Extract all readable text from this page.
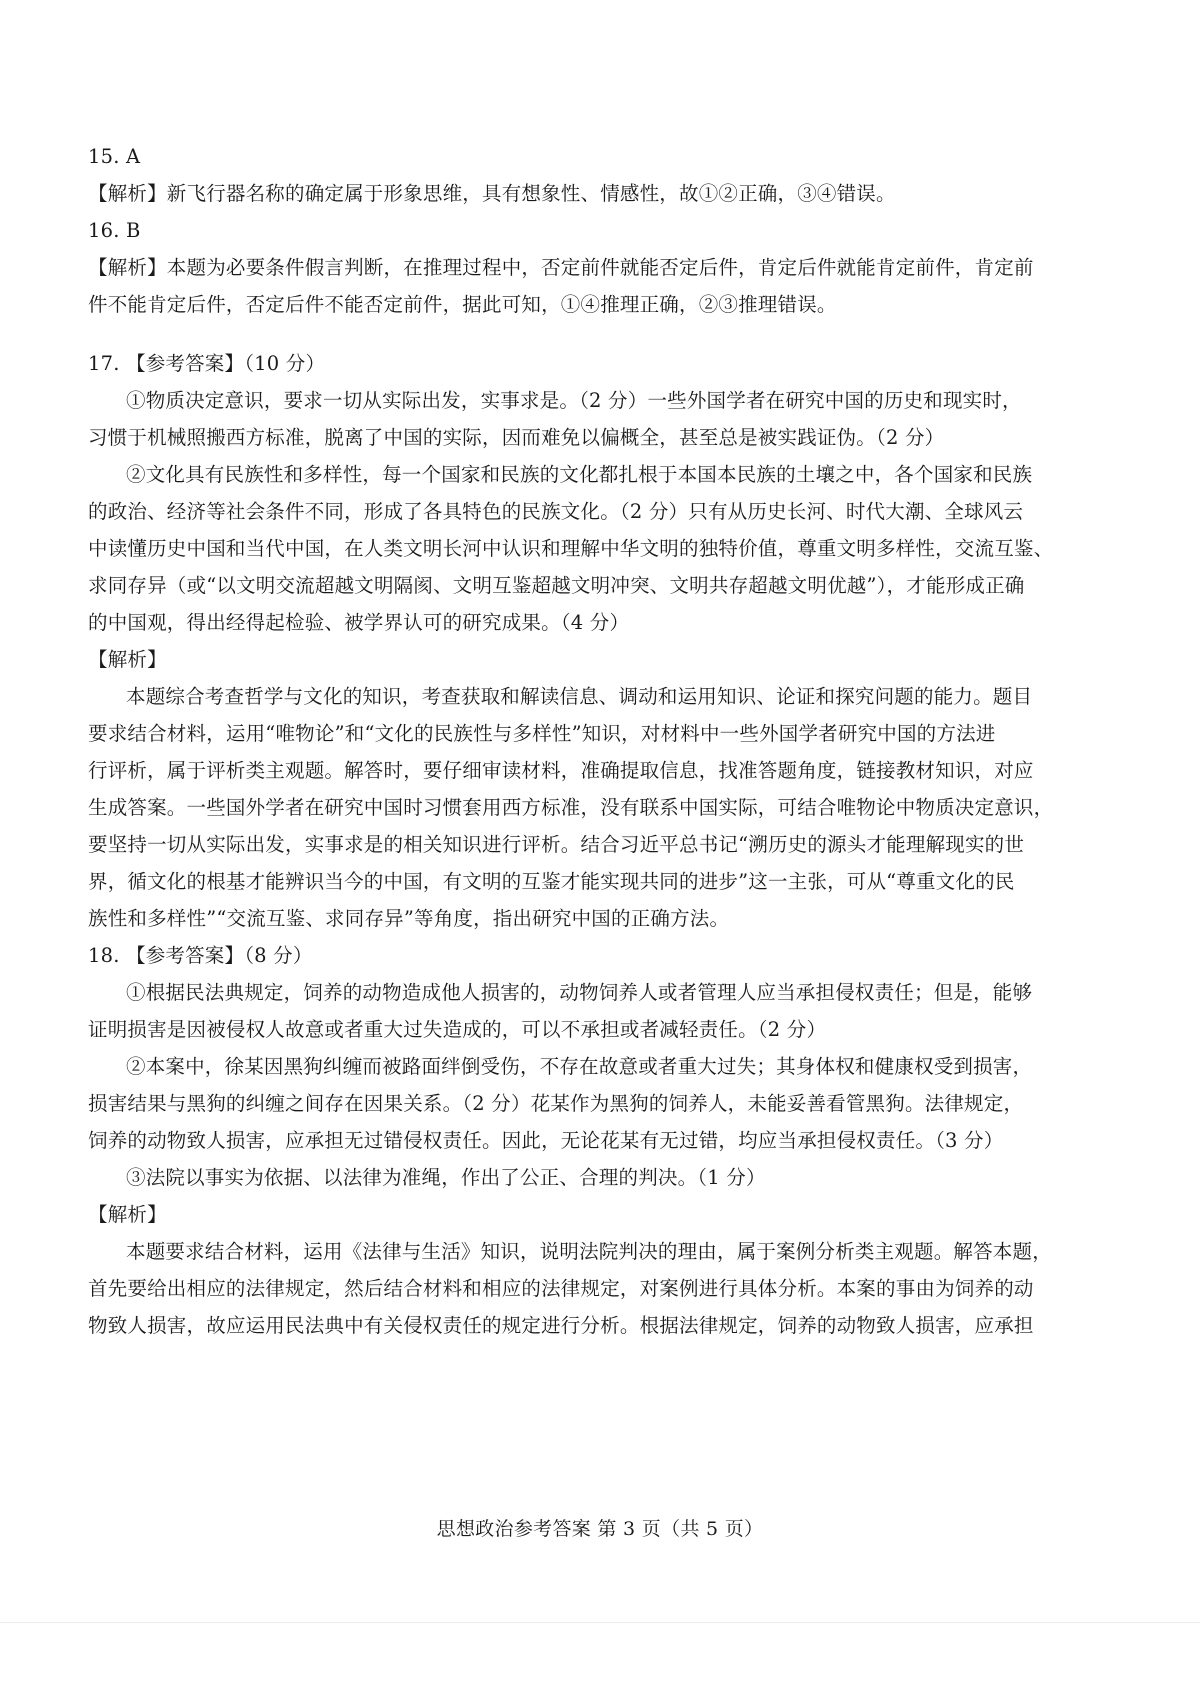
15. A
【解析】新飞行器名称的确定属于形象思维，具有想象性、情感性，故①②正确，③④错误。
16. B
【解析】本题为必要条件假言判断，在推理过程中，否定前件就能否定后件，肯定后件就能肯定前件，肯定前
件不能肯定后件，否定后件不能否定前件，据此可知，①④推理正确，②③推理错误。
17. 【参考答案】（10 分）
①物质决定意识，要求一切从实际出发，实事求是。（2 分）一些外国学者在研究中国的历史和现实时，
习惯于机械照搬西方标准，脱离了中国的实际，因而难免以偏概全，甚至总是被实践证伪。（2 分）
②文化具有民族性和多样性，每一个国家和民族的文化都扎根于本国本民族的土壤之中，各个国家和民族
的政治、经济等社会条件不同，形成了各具特色的民族文化。（2 分）只有从历史长河、时代大潮、全球风云
中读懂历史中国和当代中国，在人类文明长河中认识和理解中华文明的独特价值，尊重文明多样性，交流互鉴、
求同存异（或“以文明交流超越文明隔阂、文明互鉴超越文明冲突、文明共存超越文明优越”），才能形成正确
的中国观，得出经得起检验、被学界认可的研究成果。（4 分）
【解析】
本题综合考查哲学与文化的知识，考查获取和解读信息、调动和运用知识、论证和探究问题的能力。题目
要求结合材料，运用“唯物论”和“文化的民族性与多样性”知识，对材料中一些外国学者研究中国的方法进
行评析，属于评析类主观题。解答时，要仔细审读材料，准确提取信息，找准答题角度，链接教材知识，对应
生成答案。一些国外学者在研究中国时习惯套用西方标准，没有联系中国实际，可结合唯物论中物质决定意识，
要坚持一切从实际出发，实事求是的相关知识进行评析。结合习近平总书记“溯历史的源头才能理解现实的世
界，循文化的根基才能辨识当今的中国，有文明的互鉴才能实现共同的进步”这一主张，可从“尊重文化的民
族性和多样性”“交流互鉴、求同存异”等角度，指出研究中国的正确方法。
18. 【参考答案】（8 分）
①根据民法典规定，饲养的动物造成他人损害的，动物饲养人或者管理人应当承担侵权责任；但是，能够
证明损害是因被侵权人故意或者重大过失造成的，可以不承担或者减轻责任。（2 分）
②本案中，徐某因黑狗纠缠而被路面绊倒受伤，不存在故意或者重大过失；其身体权和健康权受到损害，
损害结果与黑狗的纠缠之间存在因果关系。（2 分）花某作为黑狗的饲养人，未能妥善看管黑狗。法律规定，
饲养的动物致人损害，应承担无过错侵权责任。因此，无论花某有无过错，均应当承担侵权责任。（3 分）
③法院以事实为依据、以法律为准绳，作出了公正、合理的判决。（1 分）
【解析】
本题要求结合材料，运用《法律与生活》知识，说明法院判决的理由，属于案例分析类主观题。解答本题，
首先要给出相应的法律规定，然后结合材料和相应的法律规定，对案例进行具体分析。本案的事由为饲养的动
物致人损害，故应运用民法典中有关侵权责任的规定进行分析。根据法律规定，饲养的动物致人损害，应承担
思想政治参考答案 第 3 页（共 5 页）
